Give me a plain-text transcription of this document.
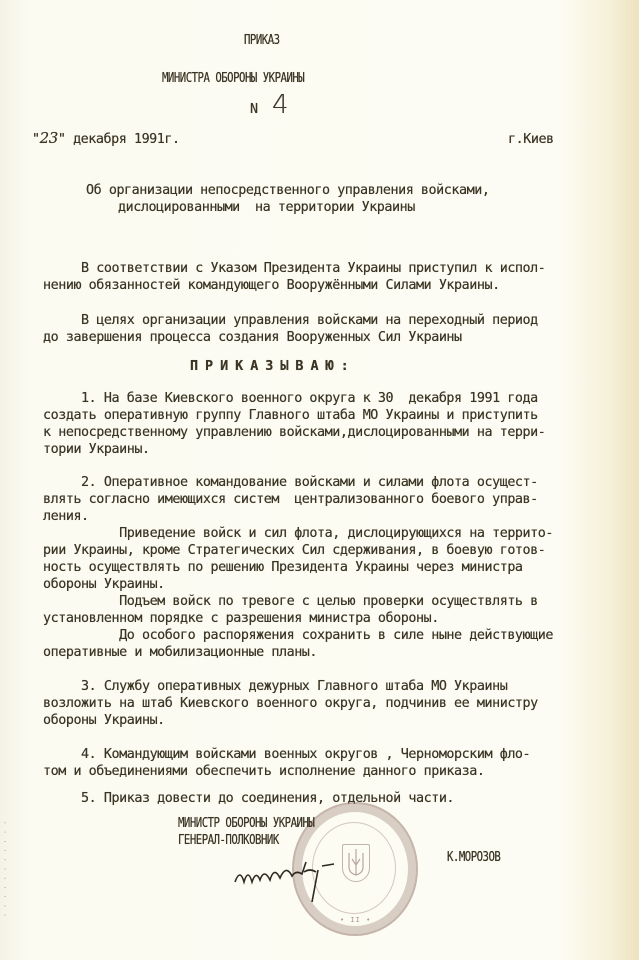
ПРИКАЗ
МИНИСТРА ОБОРОНЫ УКРАИНЫ
N 4
"23" декабря 1991г.	г.Киев
Об организации непосредственного управления войсками,
дислоцированными  на территории Украины
В соответствии с Указом Президента Украины приступил к испол-
нению обязанностей командующего Вооружёнными Силами Украины.
В целях организации управления войсками на переходный период
до завершения процесса создания Вооруженных Сил Украины
ПРИКАЗЫВАЮ:
1. На базе Киевского военного округа к 30  декабря 1991 года
создать оперативную группу Главного штаба МО Украины и приступить
к непосредственному управлению войсками,дислоцированными на терри-
тории Украины.
2. Оперативное командование войсками и силами флота осущест-
влять согласно имеющихся систем  централизованного боевого управ-
ления.
Приведение войск и сил флота, дислоцирующихся на террито-
рии Украины, кроме Стратегических Сил сдерживания, в боевую готов-
ность осуществлять по решению Президента Украины через министра
обороны Украины.
Подъем войск по тревоге с целью проверки осуществлять в
установленном порядке с разрешения министра обороны.
До особого распоряжения сохранить в силе ныне действующие
оперативные и мобилизационные планы.
3. Службу оперативных дежурных Главного штаба МО Украины
возложить на штаб Киевского военного округа, подчинив ее министру
обороны Украины.
4. Командующим войсками военных округов , Черноморским фло-
том и объединениями обеспечить исполнение данного приказа.
5. Приказ довести до соединения, отдельной части.
• II •
МИНИСТР ОБОРОНЫ УКРАИНЫ
ГЕНЕРАЛ-ПОЛКОВНИК
К.МОРОЗОВ
· · · · · · · · · · ·
